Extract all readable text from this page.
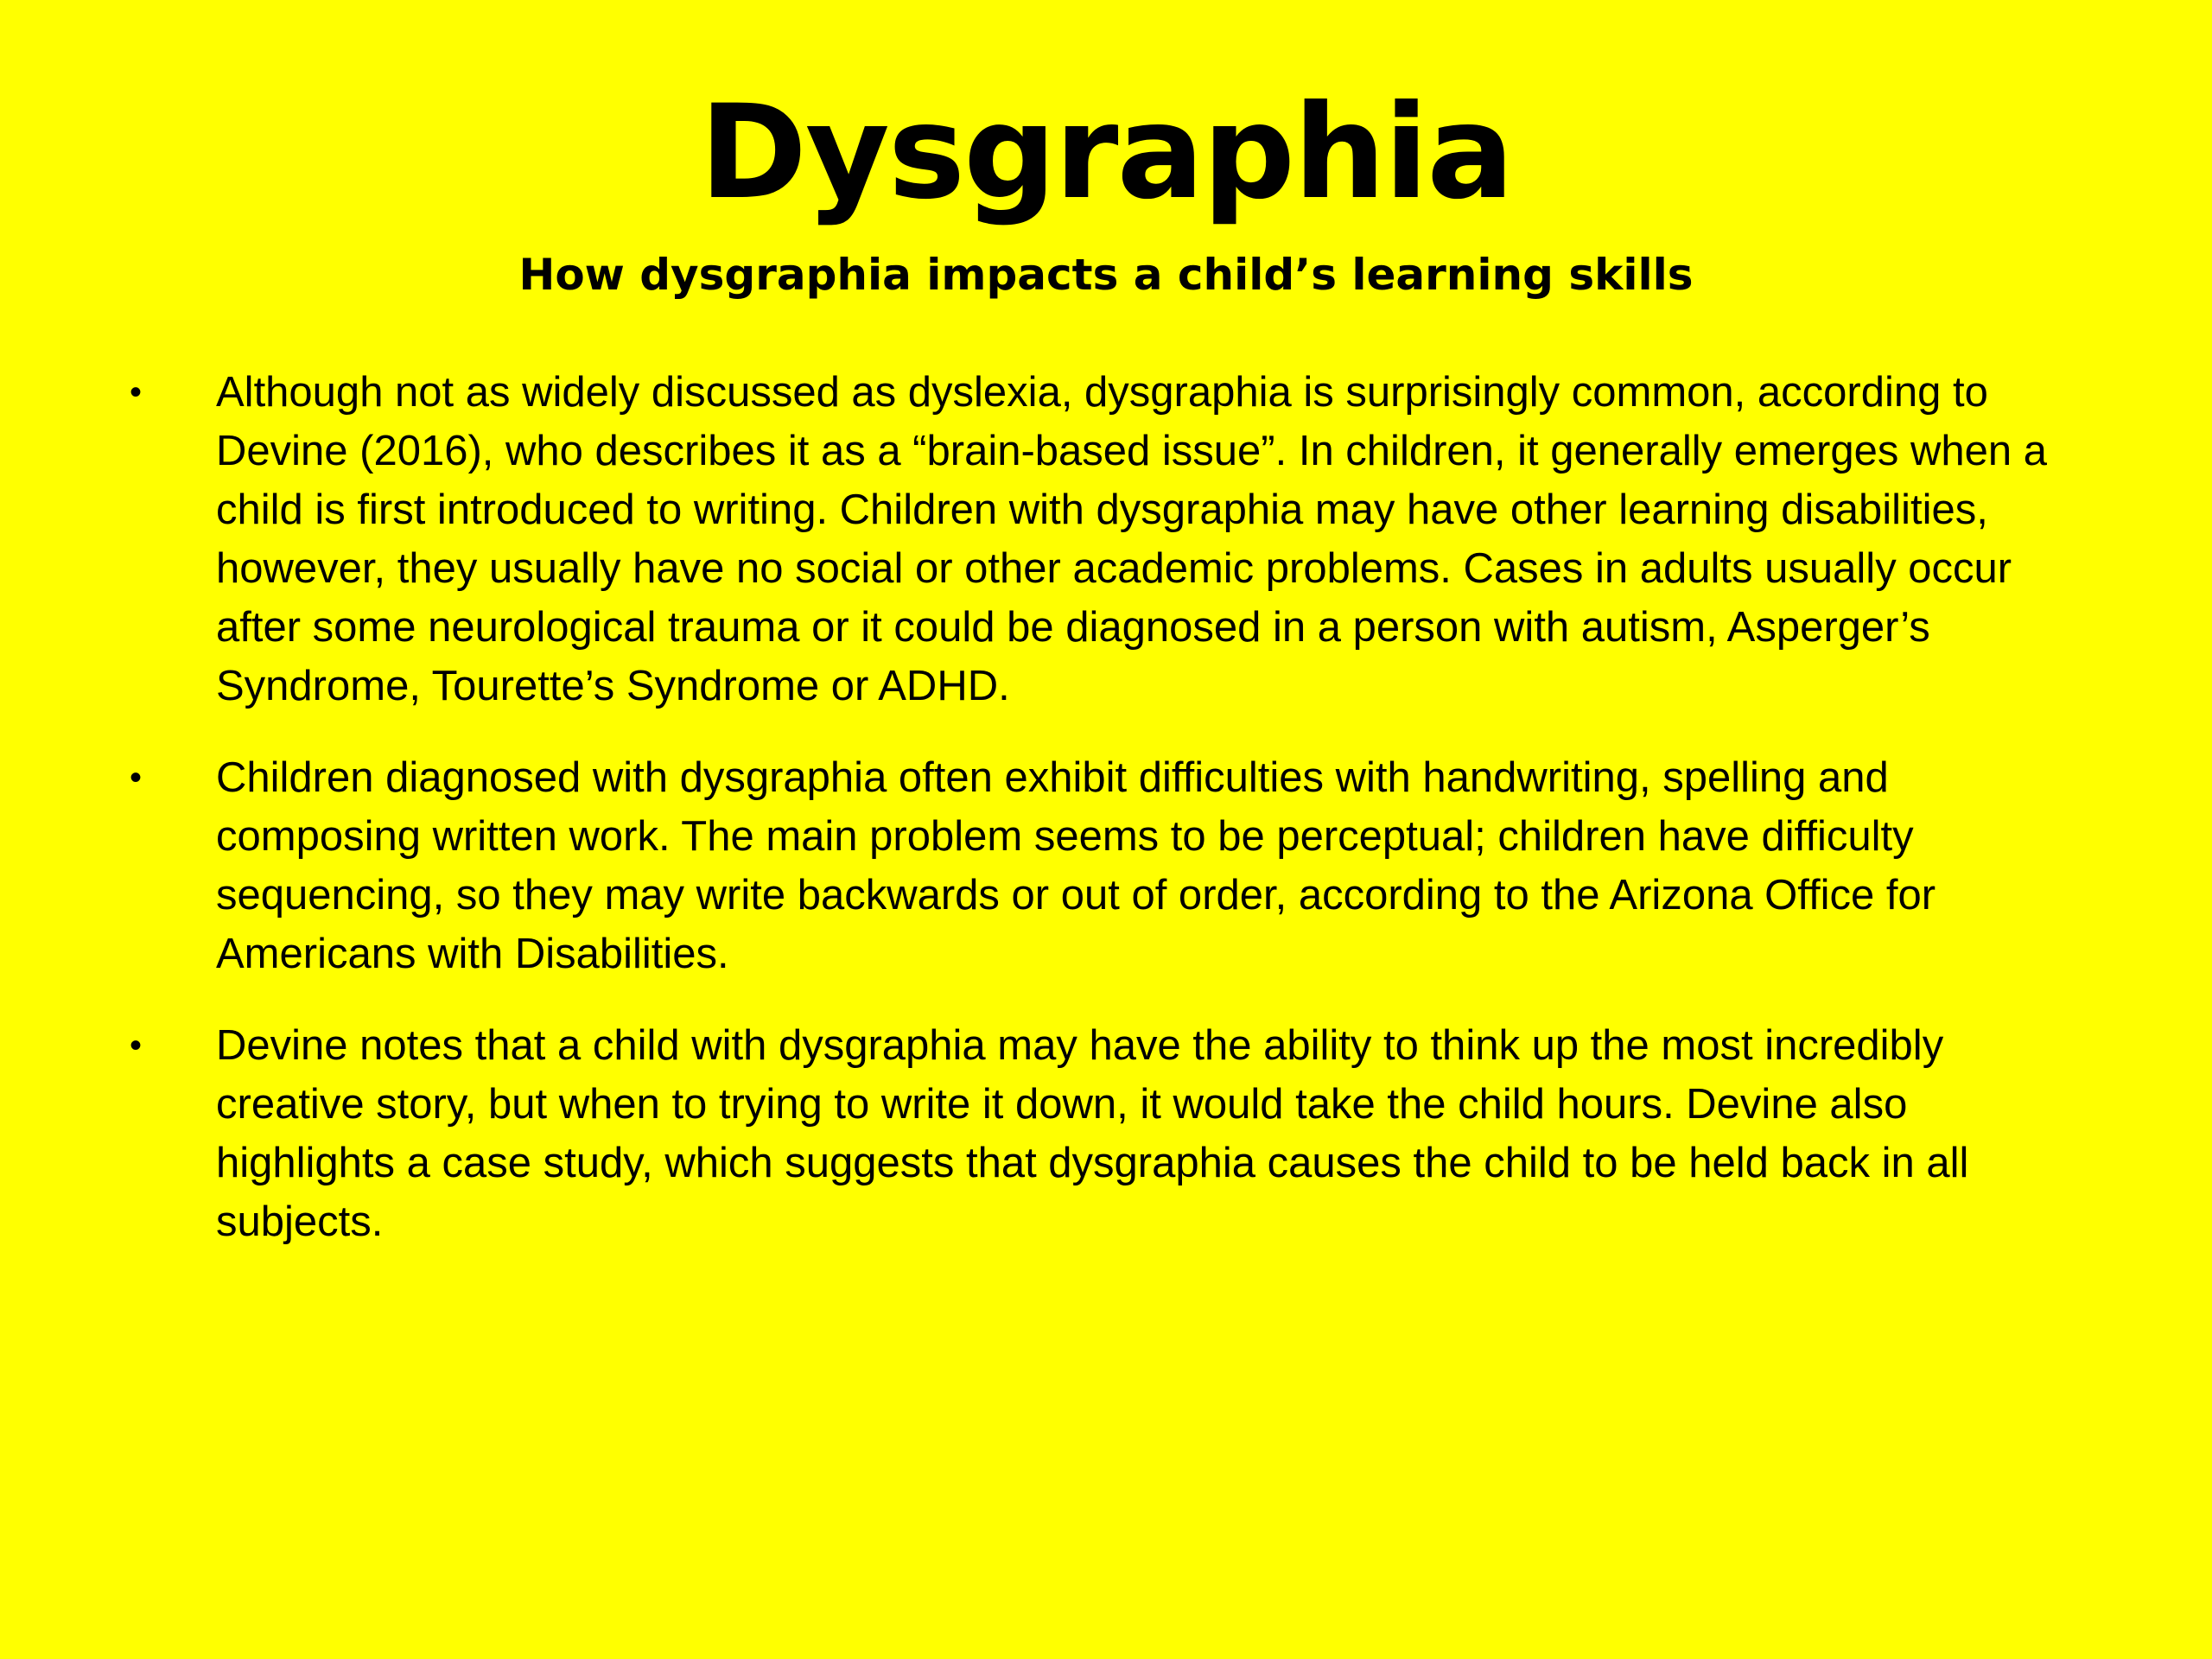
Dysgraphia
How dysgraphia impacts a child’s learning skills
• Although not as widely discussed as dyslexia, dysgraphia is surprisingly common, according to Devine (2016), who describes it as a “brain-based issue”. In children, it generally emerges when a child is first introduced to writing. Children with dysgraphia may have other learning disabilities, however, they usually have no social or other academic problems. Cases in adults usually occur after some neurological trauma or it could be diagnosed in a person with autism, Asperger’s Syndrome, Tourette’s Syndrome or ADHD.
• Children diagnosed with dysgraphia often exhibit difficulties with handwriting, spelling and composing written work. The main problem seems to be perceptual; children have difficulty sequencing, so they may write backwards or out of order, according to the Arizona Office for Americans with Disabilities.
• Devine notes that a child with dysgraphia may have the ability to think up the most incredibly creative story, but when to trying to write it down, it would take the child hours. Devine also highlights a case study, which suggests that dysgraphia causes the child to be held back in all subjects.
